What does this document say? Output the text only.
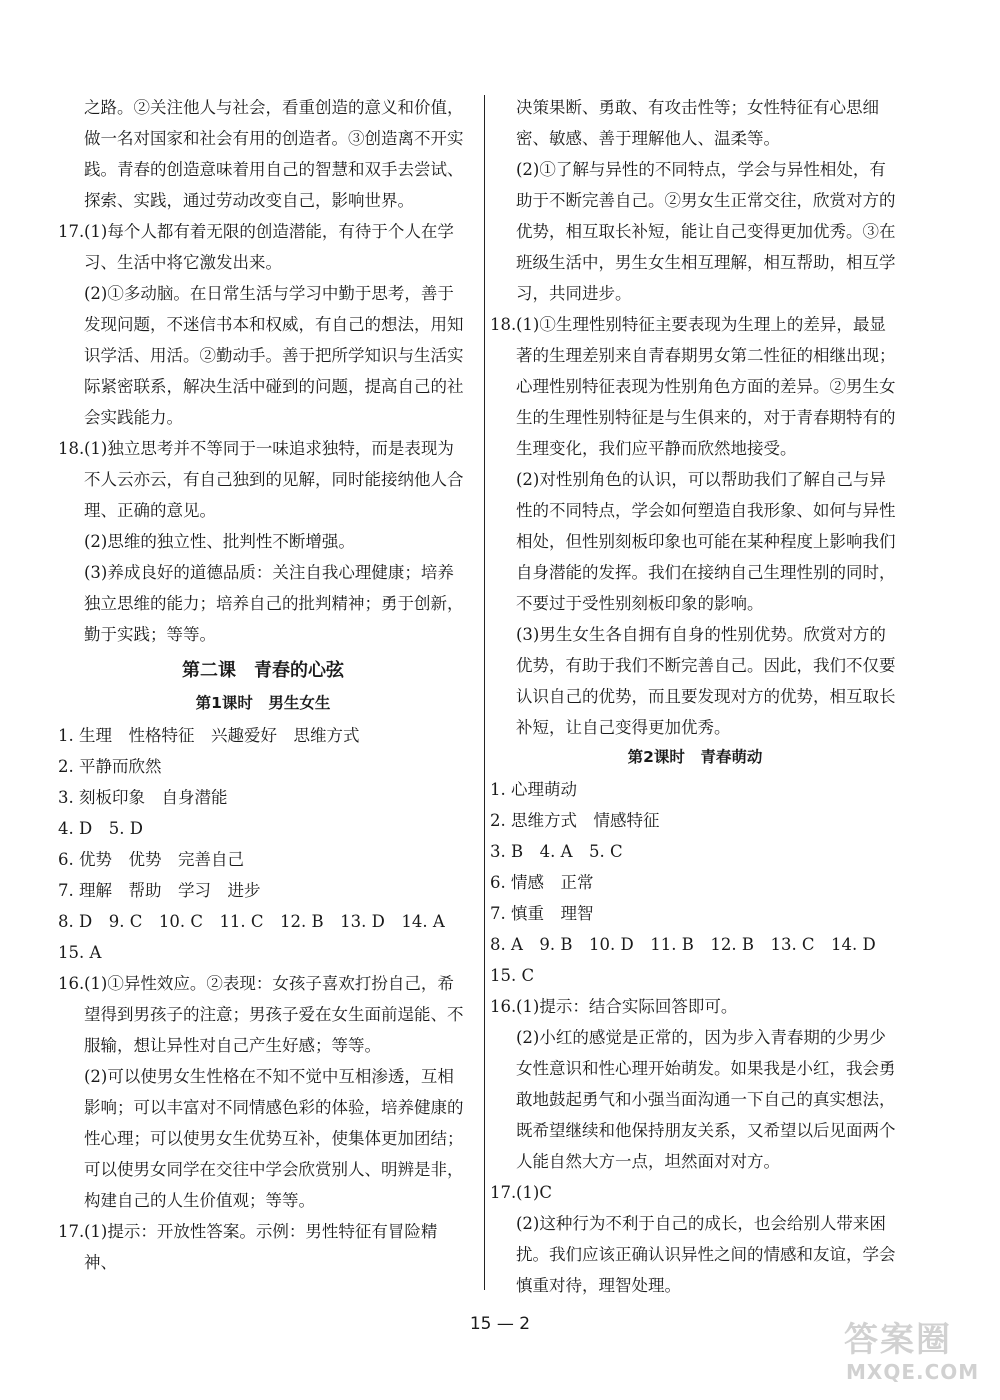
之路。②关注他人与社会，看重创造的意义和价值，做一名对国家和社会有用的创造者。③创造离不开实践。青春的创造意味着用自己的智慧和双手去尝试、探索、实践，通过劳动改变自己，影响世界。

17.(1)每个人都有着无限的创造潜能，有待于个人在学习、生活中将它激发出来。

(2)①多动脑。在日常生活与学习中勤于思考，善于发现问题，不迷信书本和权威，有自己的想法，用知识学活、用活。②勤动手。善于把所学知识与生活实际紧密联系，解决生活中碰到的问题，提高自己的社会实践能力。

18.(1)独立思考并不等同于一味追求独特，而是表现为不人云亦云，有自己独到的见解，同时能接纳他人合理、正确的意见。

(2)思维的独立性、批判性不断增强。

(3)养成良好的道德品质：关注自我心理健康；培养独立思维的能力；培养自己的批判精神；勇于创新，勤于实践；等等。

第二课　青春的心弦
第1课时　男生女生

1. 生理　性格特征　兴趣爱好　思维方式

2. 平静而欣然

3. 刻板印象　自身潜能

4. D　5. D

6. 优势　优势　完善自己

7. 理解　帮助　学习　进步

8. D　9. C　10. C　11. C　12. B　13. D　14. A

15. A

16.(1)①异性效应。②表现：女孩子喜欢打扮自己，希望得到男孩子的注意；男孩子爱在女生面前逞能、不服输，想让异性对自己产生好感；等等。

(2)可以使男女生性格在不知不觉中互相渗透，互相影响；可以丰富对不同情感色彩的体验，培养健康的性心理；可以使男女生优势互补，使集体更加团结；可以使男女同学在交往中学会欣赏别人、明辨是非，构建自己的人生价值观；等等。

17.(1)提示：开放性答案。示例：男性特征有冒险精神、

决策果断、勇敢、有攻击性等；女性特征有心思细密、敏感、善于理解他人、温柔等。

(2)①了解与异性的不同特点，学会与异性相处，有助于不断完善自己。②男女生正常交往，欣赏对方的优势，相互取长补短，能让自己变得更加优秀。③在班级生活中，男生女生相互理解，相互帮助，相互学习，共同进步。

18.(1)①生理性别特征主要表现为生理上的差异，最显著的生理差别来自青春期男女第二性征的相继出现；心理性别特征表现为性别角色方面的差异。②男生女生的生理性别特征是与生俱来的，对于青春期特有的生理变化，我们应平静而欣然地接受。

(2)对性别角色的认识，可以帮助我们了解自己与异性的不同特点，学会如何塑造自我形象、如何与异性相处，但性别刻板印象也可能在某种程度上影响我们自身潜能的发挥。我们在接纳自己生理性别的同时，不要过于受性别刻板印象的影响。

(3)男生女生各自拥有自身的性别优势。欣赏对方的优势，有助于我们不断完善自己。因此，我们不仅要认识自己的优势，而且要发现对方的优势，相互取长补短，让自己变得更加优秀。

第2课时　青春萌动

1. 心理萌动

2. 思维方式　情感特征

3. B　4. A　5. C

6. 情感　正常

7. 慎重　理智

8. A　9. B　10. D　11. B　12. B　13. C　14. D

15. C

16.(1)提示：结合实际回答即可。

(2)小红的感觉是正常的，因为步入青春期的少男少女性意识和性心理开始萌发。如果我是小红，我会勇敢地鼓起勇气和小强当面沟通一下自己的真实想法，既希望继续和他保持朋友关系，又希望以后见面两个人能自然大方一点，坦然面对对方。

17.(1)C

(2)这种行为不利于自己的成长，也会给别人带来困扰。我们应该正确认识异性之间的情感和友谊，学会慎重对待，理智处理。

15 — 2	答案圈
MXQE.COM
